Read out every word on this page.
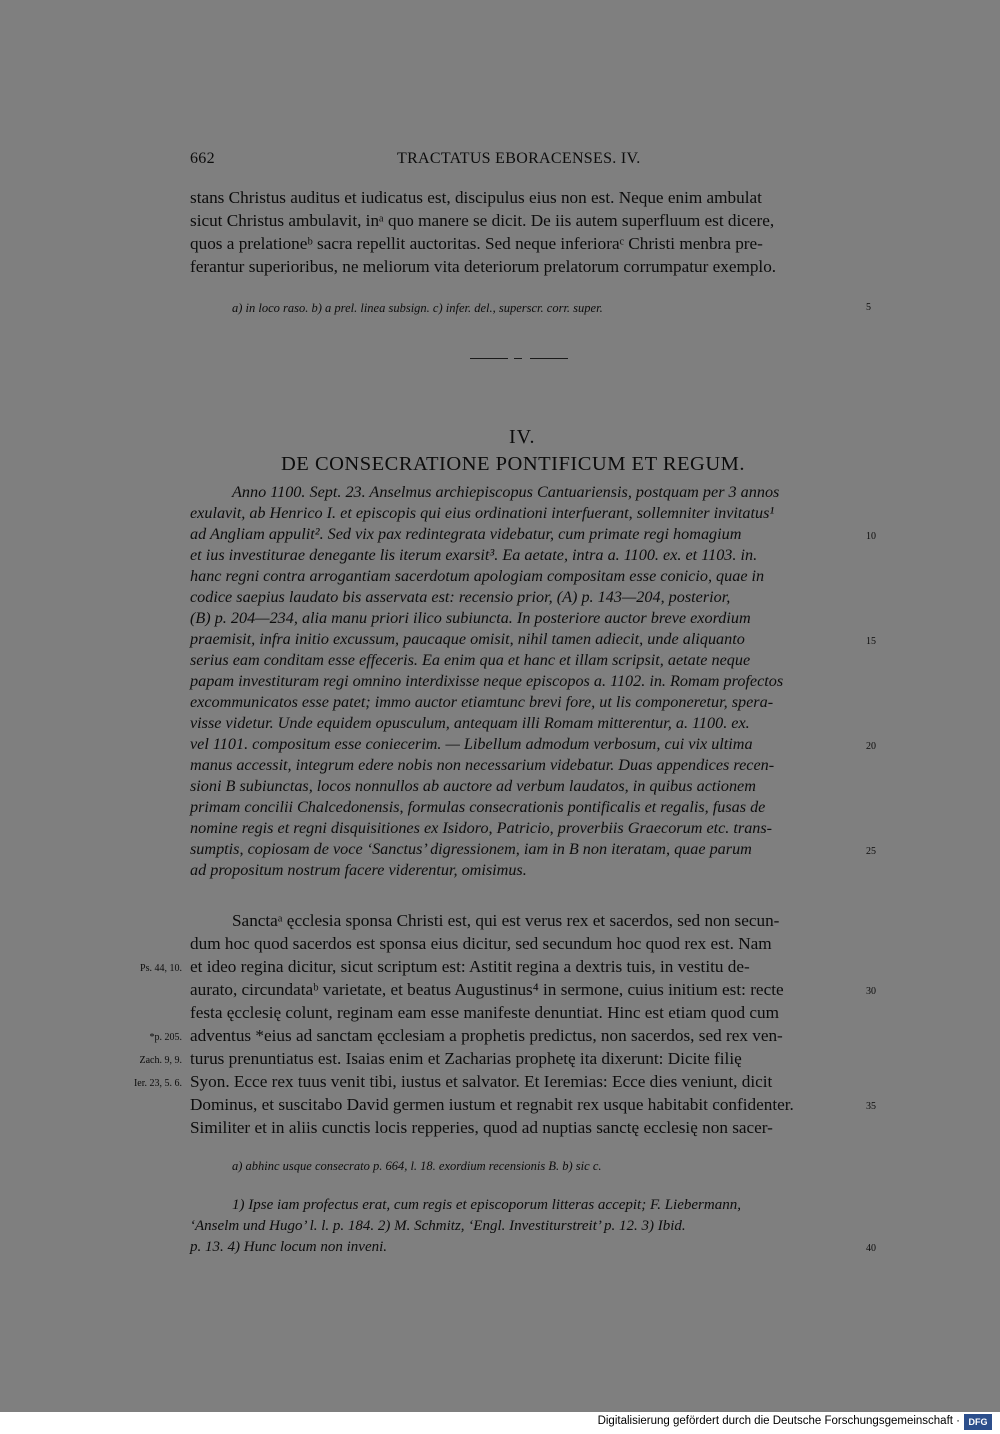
662	TRACTATUS EBORACENSES. IV.
stans Christus auditus et iudicatus est, discipulus eius non est. Neque enim ambulat
sicut Christus ambulavit, inᵃ quo manere se dicit. De iis autem superfluum est dicere,
quos a prelationeᵇ sacra repellit auctoritas. Sed neque inferioraᶜ Christi menbra pre-
ferantur superioribus, ne meliorum vita deteriorum prelatorum corrumpatur exemplo.
a) in loco raso. b) a prel. linea subsign. c) infer. del., superscr. corr. super.	5
IV.
DE CONSECRATIONE PONTIFICUM ET REGUM.
Anno 1100. Sept. 23. Anselmus archiepiscopus Cantuariensis, postquam per 3 annos
exulavit, ab Henrico I. et episcopis qui eius ordinationi interfuerant, sollemniter invitatus¹
ad Angliam appulit². Sed vix pax redintegrata videbatur, cum primate regi homagium
et ius investiturae denegante lis iterum exarsit³. Ea aetate, intra a. 1100. ex. et 1103. in.
hanc regni contra arrogantiam sacerdotum apologiam compositam esse conicio, quae in
codice saepius laudato bis asservata est: recensio prior, (A) p. 143—204, posterior,
(B) p. 204—234, alia manu priori ilico subiuncta. In posteriore auctor breve exordium
praemisit, infra initio excussum, paucaque omisit, nihil tamen adiecit, unde aliquanto
serius eam conditam esse effeceris. Ea enim qua et hanc et illam scripsit, aetate neque
papam investituram regi omnino interdixisse neque episcopos a. 1102. in. Romam profectos
excommunicatos esse patet; immo auctor etiamtunc brevi fore, ut lis componeretur, spera-
visse videtur. Unde equidem opusculum, antequam illi Romam mitterentur, a. 1100. ex.
vel 1101. compositum esse coniecerim. — Libellum admodum verbosum, cui vix ultima
manus accessit, integrum edere nobis non necessarium videbatur. Duas appendices recen-
sioni B subiunctas, locos nonnullos ab auctore ad verbum laudatos, in quibus actionem
primam concilii Chalcedonensis, formulas consecrationis pontificalis et regalis, fusas de
nomine regis et regni disquisitiones ex Isidoro, Patricio, proverbiis Graecorum etc. trans-
sumptis, copiosam de voce ‘Sanctus’ digressionem, iam in B non iteratam, quae parum
ad propositum nostrum facere viderentur, omisimus.
10
15
20
25
Sanctaᵃ ęcclesia sponsa Christi est, qui est verus rex et sacerdos, sed non secun-
dum hoc quod sacerdos est sponsa eius dicitur, sed secundum hoc quod rex est. Nam
et ideo regina dicitur, sicut scriptum est: Astitit regina a dextris tuis, in vestitu de-
aurato, circundataᵇ varietate, et beatus Augustinus⁴ in sermone, cuius initium est: recte
festa ęcclesię colunt, reginam eam esse manifeste denuntiat. Hinc est etiam quod cum
adventus *eius ad sanctam ęcclesiam a prophetis predictus, non sacerdos, sed rex ven-
turus prenuntiatus est. Isaias enim et Zacharias prophetę ita dixerunt: Dicite filię
Syon. Ecce rex tuus venit tibi, iustus et salvator. Et Ieremias: Ecce dies veniunt, dicit
Dominus, et suscitabo David germen iustum et regnabit rex usque habitabit confidenter.
Similiter et in aliis cunctis locis repperies, quod ad nuptias sanctę ecclesię non sacer-
Ps. 44, 10.
*p. 205.
Zach. 9, 9.
Ier. 23, 5. 6.
30
35
a) abhinc usque consecrato p. 664, l. 18. exordium recensionis B. b) sic c.
1) Ipse iam profectus erat, cum regis et episcoporum litteras accepit; F. Liebermann,
‘Anselm und Hugo’ l. l. p. 184. 2) M. Schmitz, ‘Engl. Investiturstreit’ p. 12. 3) Ibid.
p. 13. 4) Hunc locum non inveni.	40
Digitalisierung gefördert durch die Deutsche Forschungsgemeinschaft · DFG
